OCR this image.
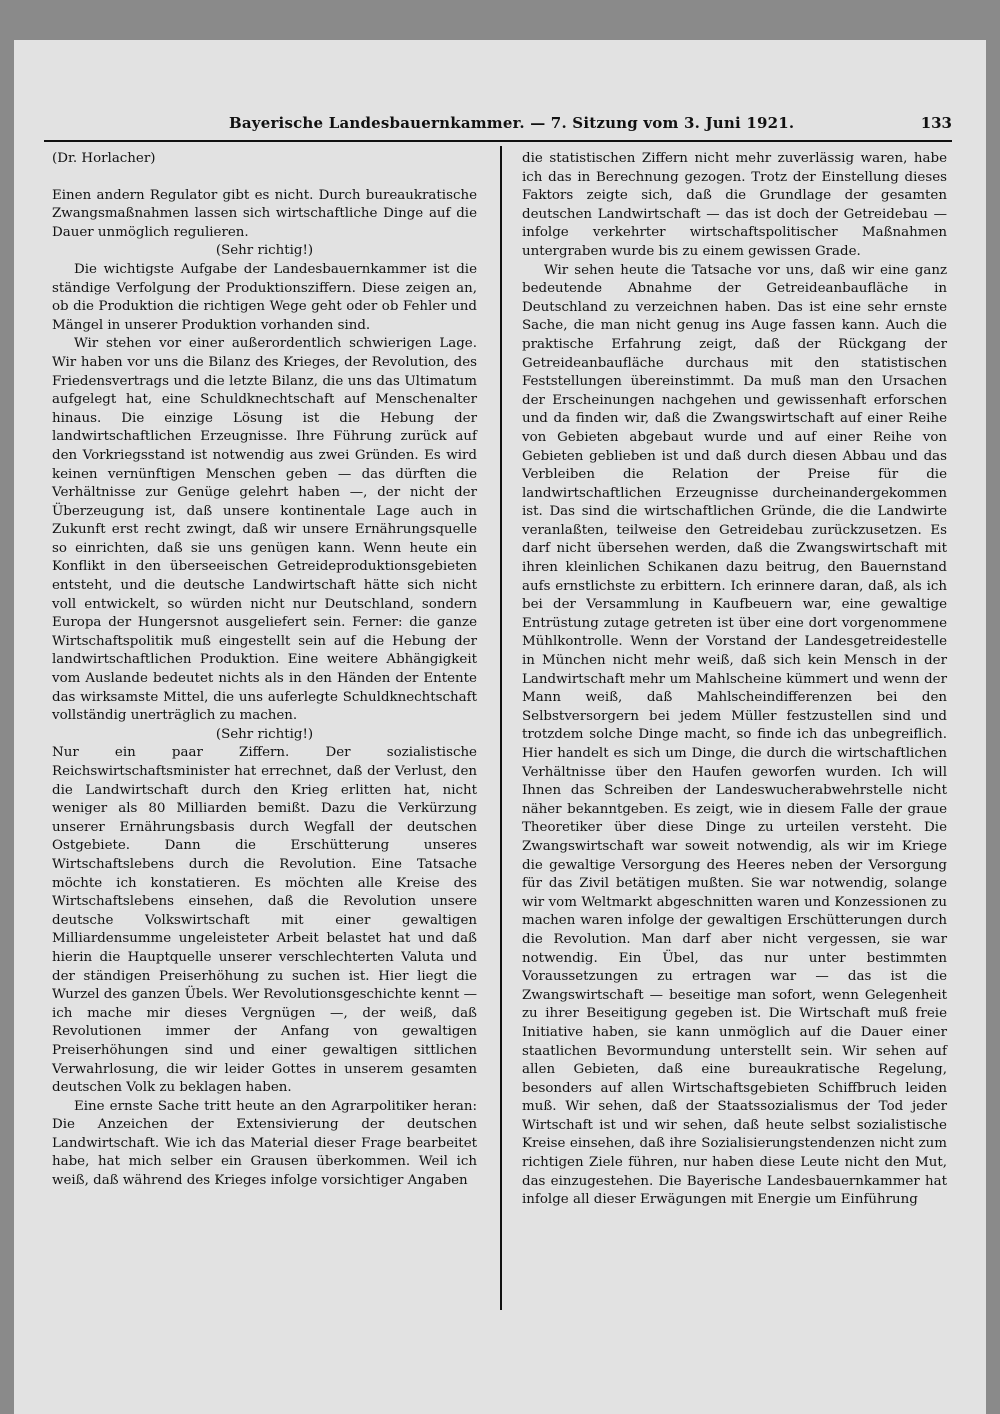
Bayerische Landesbauernkammer. — 7. Sitzung vom 3. Juni 1921.	133

(Dr. Horlacher)

Einen andern Regulator gibt es nicht. Durch bureaukratische Zwangsmaßnahmen lassen sich wirtschaftliche Dinge auf die Dauer unmöglich regulieren.

(Sehr richtig!)

Die wichtigste Aufgabe der Landesbauernkammer ist die ständige Verfolgung der Produktionsziffern. Diese zeigen an, ob die Produktion die richtigen Wege geht oder ob Fehler und Mängel in unserer Produktion vorhanden sind.

Wir stehen vor einer außerordentlich schwierigen Lage. Wir haben vor uns die Bilanz des Krieges, der Revolution, des Friedensvertrags und die letzte Bilanz, die uns das Ultimatum aufgelegt hat, eine Schuldknechtschaft auf Menschenalter hinaus. Die einzige Lösung ist die Hebung der landwirtschaftlichen Erzeugnisse. Ihre Führung zurück auf den Vorkriegsstand ist notwendig aus zwei Gründen. Es wird keinen vernünftigen Menschen geben — das dürften die Verhältnisse zur Genüge gelehrt haben —, der nicht der Überzeugung ist, daß unsere kontinentale Lage auch in Zukunft erst recht zwingt, daß wir unsere Ernährungsquelle so einrichten, daß sie uns genügen kann. Wenn heute ein Konflikt in den überseeischen Getreideproduktionsgebieten entsteht, und die deutsche Landwirtschaft hätte sich nicht voll entwickelt, so würden nicht nur Deutschland, sondern Europa der Hungersnot ausgeliefert sein. Ferner: die ganze Wirtschaftspolitik muß eingestellt sein auf die Hebung der landwirtschaftlichen Produktion. Eine weitere Abhängigkeit vom Auslande bedeutet nichts als in den Händen der Entente das wirksamste Mittel, die uns auferlegte Schuldknechtschaft vollständig unerträglich zu machen.

(Sehr richtig!)

Nur ein paar Ziffern. Der sozialistische Reichswirtschaftsminister hat errechnet, daß der Verlust, den die Landwirtschaft durch den Krieg erlitten hat, nicht weniger als 80 Milliarden bemißt. Dazu die Verkürzung unserer Ernährungsbasis durch Wegfall der deutschen Ostgebiete. Dann die Erschütterung unseres Wirtschaftslebens durch die Revolution. Eine Tatsache möchte ich konstatieren. Es möchten alle Kreise des Wirtschaftslebens einsehen, daß die Revolution unsere deutsche Volkswirtschaft mit einer gewaltigen Milliardensumme ungeleisteter Arbeit belastet hat und daß hierin die Hauptquelle unserer verschlechterten Valuta und der ständigen Preiserhöhung zu suchen ist. Hier liegt die Wurzel des ganzen Übels. Wer Revolutionsgeschichte kennt — ich mache mir dieses Vergnügen —, der weiß, daß Revolutionen immer der Anfang von gewaltigen Preiserhöhungen sind und einer gewaltigen sittlichen Verwahrlosung, die wir leider Gottes in unserem gesamten deutschen Volk zu beklagen haben.

Eine ernste Sache tritt heute an den Agrarpolitiker heran: Die Anzeichen der Extensivierung der deutschen Landwirtschaft. Wie ich das Material dieser Frage bearbeitet habe, hat mich selber ein Grausen überkommen. Weil ich weiß, daß während des Krieges infolge vorsichtiger Angaben

die statistischen Ziffern nicht mehr zuverlässig waren, habe ich das in Berechnung gezogen. Trotz der Einstellung dieses Faktors zeigte sich, daß die Grundlage der gesamten deutschen Landwirtschaft — das ist doch der Getreidebau — infolge verkehrter wirtschaftspolitischer Maßnahmen untergraben wurde bis zu einem gewissen Grade.

Wir sehen heute die Tatsache vor uns, daß wir eine ganz bedeutende Abnahme der Getreideanbaufläche in Deutschland zu verzeichnen haben. Das ist eine sehr ernste Sache, die man nicht genug ins Auge fassen kann. Auch die praktische Erfahrung zeigt, daß der Rückgang der Getreideanbaufläche durchaus mit den statistischen Feststellungen übereinstimmt. Da muß man den Ursachen der Erscheinungen nachgehen und gewissenhaft erforschen und da finden wir, daß die Zwangswirtschaft auf einer Reihe von Gebieten abgebaut wurde und auf einer Reihe von Gebieten geblieben ist und daß durch diesen Abbau und das Verbleiben die Relation der Preise für die landwirtschaftlichen Erzeugnisse durcheinandergekommen ist. Das sind die wirtschaftlichen Gründe, die die Landwirte veranlaßten, teilweise den Getreidebau zurückzusetzen. Es darf nicht übersehen werden, daß die Zwangswirtschaft mit ihren kleinlichen Schikanen dazu beitrug, den Bauernstand aufs ernstlichste zu erbittern. Ich erinnere daran, daß, als ich bei der Versammlung in Kaufbeuern war, eine gewaltige Entrüstung zutage getreten ist über eine dort vorgenommene Mühlkontrolle. Wenn der Vorstand der Landesgetreidestelle in München nicht mehr weiß, daß sich kein Mensch in der Landwirtschaft mehr um Mahlscheine kümmert und wenn der Mann weiß, daß Mahlscheindifferenzen bei den Selbstversorgern bei jedem Müller festzustellen sind und trotzdem solche Dinge macht, so finde ich das unbegreiflich. Hier handelt es sich um Dinge, die durch die wirtschaftlichen Verhältnisse über den Haufen geworfen wurden. Ich will Ihnen das Schreiben der Landeswucherabwehrstelle nicht näher bekanntgeben. Es zeigt, wie in diesem Falle der graue Theoretiker über diese Dinge zu urteilen versteht. Die Zwangswirtschaft war soweit notwendig, als wir im Kriege die gewaltige Versorgung des Heeres neben der Versorgung für das Zivil betätigen mußten. Sie war notwendig, solange wir vom Weltmarkt abgeschnitten waren und Konzessionen zu machen waren infolge der gewaltigen Erschütterungen durch die Revolution. Man darf aber nicht vergessen, sie war notwendig. Ein Übel, das nur unter bestimmten Voraussetzungen zu ertragen war — das ist die Zwangswirtschaft — beseitige man sofort, wenn Gelegenheit zu ihrer Beseitigung gegeben ist. Die Wirtschaft muß freie Initiative haben, sie kann unmöglich auf die Dauer einer staatlichen Bevormundung unterstellt sein. Wir sehen auf allen Gebieten, daß eine bureaukratische Regelung, besonders auf allen Wirtschaftsgebieten Schiffbruch leiden muß. Wir sehen, daß der Staatssozialismus der Tod jeder Wirtschaft ist und wir sehen, daß heute selbst sozialistische Kreise einsehen, daß ihre Sozialisierungstendenzen nicht zum richtigen Ziele führen, nur haben diese Leute nicht den Mut, das einzugestehen. Die Bayerische Landesbauernkammer hat infolge all dieser Erwägungen mit Energie um Einführung
